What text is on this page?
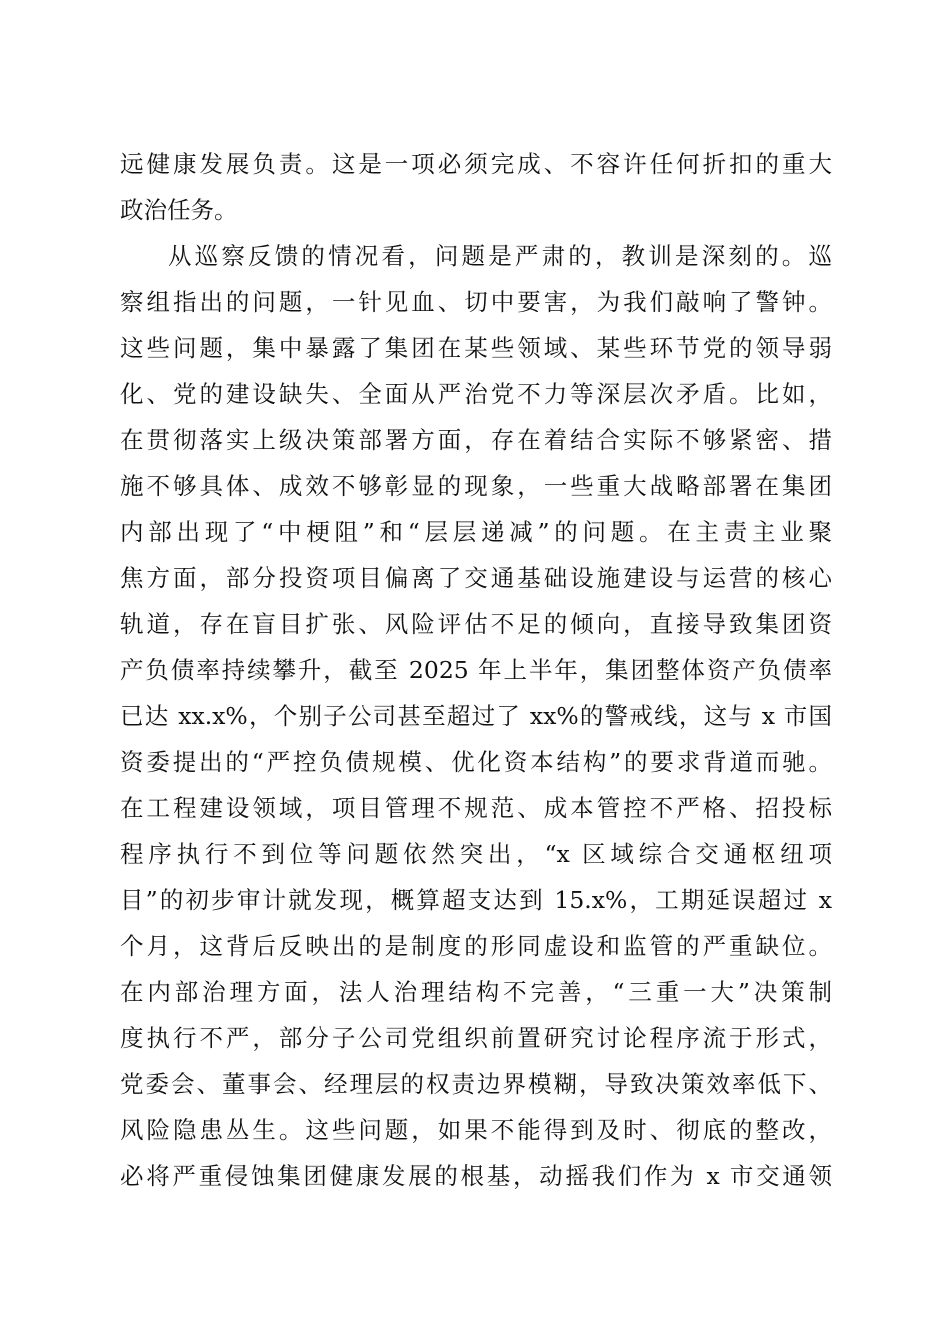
远健康发展负责。这是一项必须完成、不容许任何折扣的重大
政治任务。
从巡察反馈的情况看，问题是严肃的，教训是深刻的。巡
察组指出的问题，一针见血、切中要害，为我们敲响了警钟。
这些问题，集中暴露了集团在某些领域、某些环节党的领导弱
化、党的建设缺失、全面从严治党不力等深层次矛盾。比如，
在贯彻落实上级决策部署方面，存在着结合实际不够紧密、措
施不够具体、成效不够彰显的现象，一些重大战略部署在集团
内部出现了“中梗阻”和“层层递减”的问题。在主责主业聚
焦方面，部分投资项目偏离了交通基础设施建设与运营的核心
轨道，存在盲目扩张、风险评估不足的倾向，直接导致集团资
产负债率持续攀升，截至 2025 年上半年，集团整体资产负债率
已达 xx.x%，个别子公司甚至超过了 xx%的警戒线，这与 x 市国
资委提出的“严控负债规模、优化资本结构”的要求背道而驰。
在工程建设领域，项目管理不规范、成本管控不严格、招投标
程序执行不到位等问题依然突出，“x 区域综合交通枢纽项
目”的初步审计就发现，概算超支达到 15.x%，工期延误超过 x
个月，这背后反映出的是制度的形同虚设和监管的严重缺位。
在内部治理方面，法人治理结构不完善，“三重一大”决策制
度执行不严，部分子公司党组织前置研究讨论程序流于形式，
党委会、董事会、经理层的权责边界模糊，导致决策效率低下、
风险隐患丛生。这些问题，如果不能得到及时、彻底的整改，
必将严重侵蚀集团健康发展的根基，动摇我们作为 x 市交通领
